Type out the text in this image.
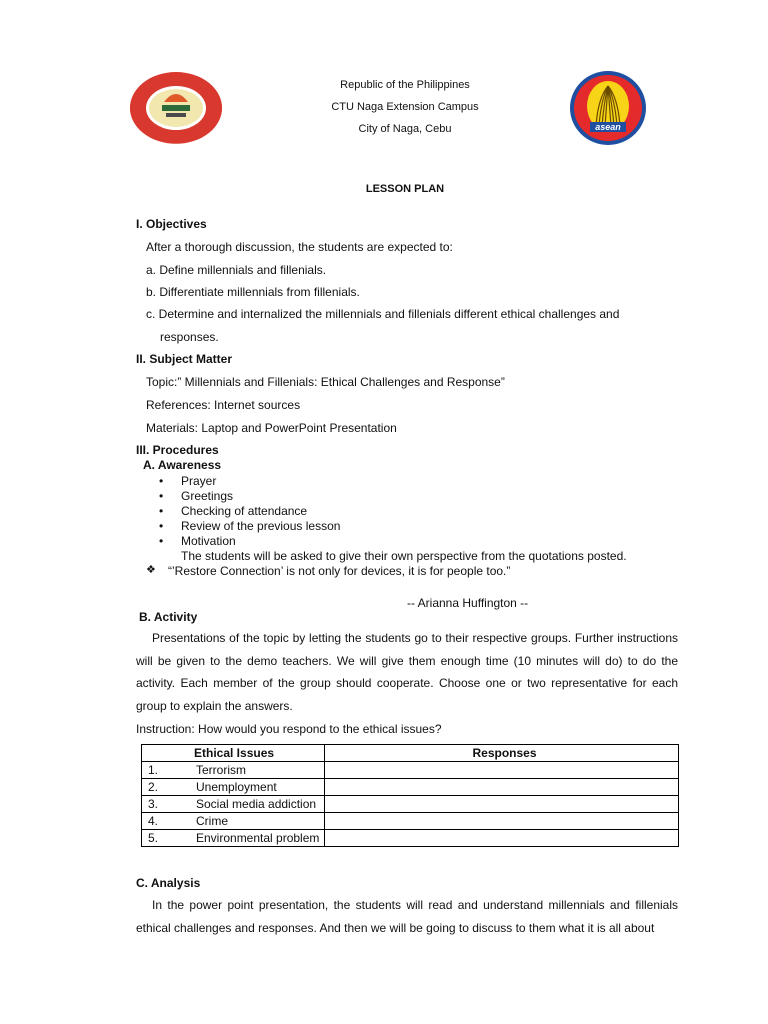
Republic of the Philippines
CTU Naga Extension Campus
City of Naga, Cebu	asean
LESSON PLAN
I. Objectives
After a thorough discussion, the students are expected to:
a. Define millennials and fillenials.
b. Differentiate millennials from fillenials.
c. Determine and internalized the millennials and fillenials different ethical challenges and
responses.
II. Subject Matter
Topic:” Millennials and Fillenials: Ethical Challenges and Response”
References: Internet sources
Materials: Laptop and PowerPoint Presentation
III. Procedures
A. Awareness
• Prayer
• Greetings
• Checking of attendance
• Review of the previous lesson
• Motivation
The students will be asked to give their own perspective from the quotations posted.
❖ “’Restore Connection’ is not only for devices, it is for people too.”
-- Arianna Huffington --
B. Activity
Presentations of the topic by letting the students go to their respective groups. Further instructions will be given to the demo teachers. We will give them enough time (10 minutes will do) to do the activity. Each member of the group should cooperate. Choose one or two representative for each group to explain the answers.
Instruction: How would you respond to the ethical issues?
Ethical Issues		Responses
1.	Terrorism	
2.	Unemployment	
3.	Social media addiction	
4.	Crime	
5.	Environmental problem	
C. Analysis
In the power point presentation, the students will read and understand millennials and fillenials ethical challenges and responses. And then we will be going to discuss to them what it is all about
